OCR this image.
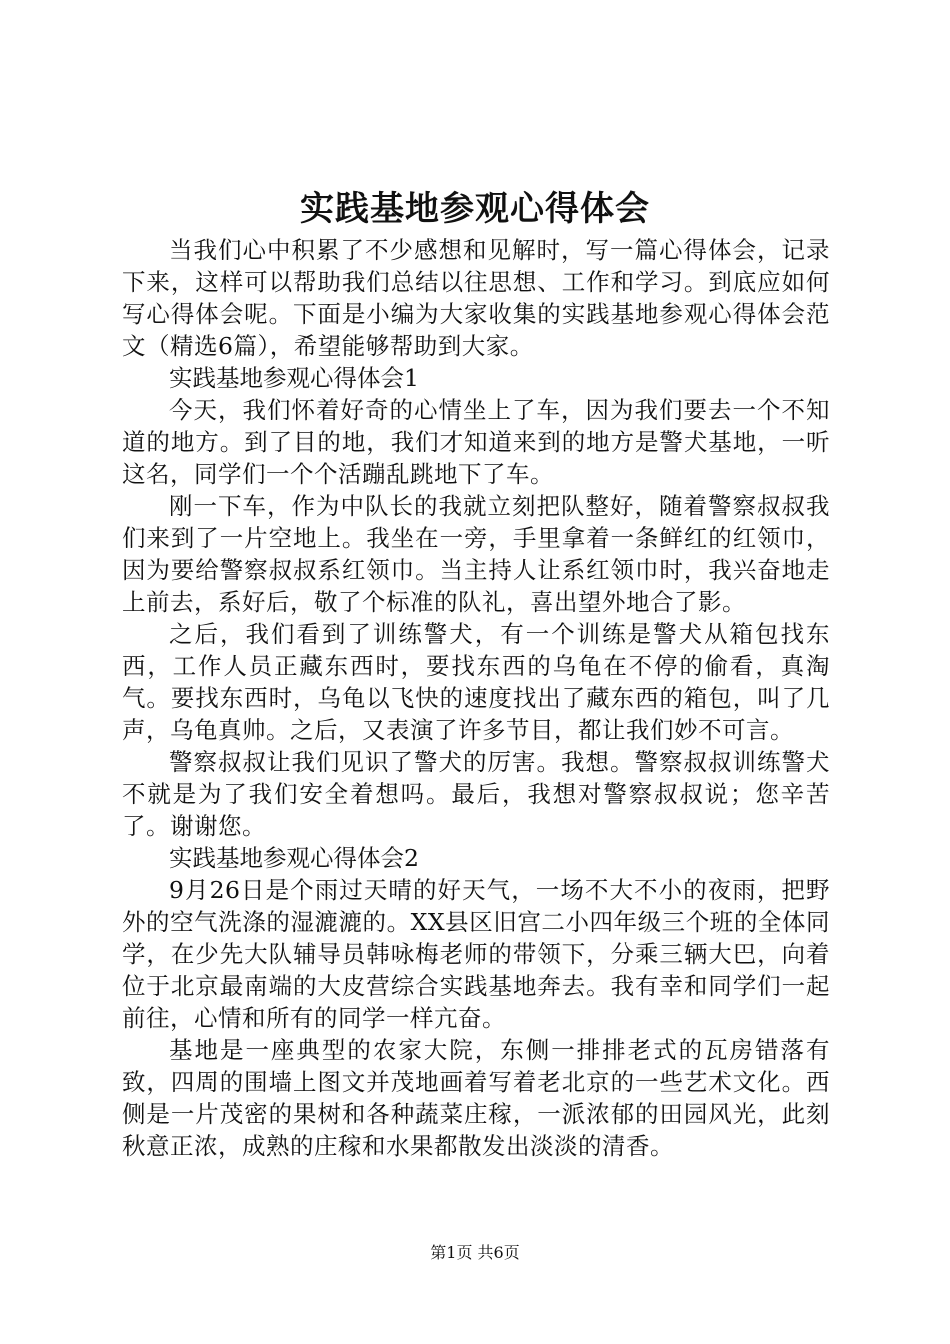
实践基地参观心得体会

当我们心中积累了不少感想和见解时，写一篇心得体会，记录下来，这样可以帮助我们总结以往思想、工作和学习。到底应如何写心得体会呢。下面是小编为大家收集的实践基地参观心得体会范文（精选6篇），希望能够帮助到大家。

实践基地参观心得体会1

今天，我们怀着好奇的心情坐上了车，因为我们要去一个不知道的地方。到了目的地，我们才知道来到的地方是警犬基地，一听这名，同学们一个个活蹦乱跳地下了车。

刚一下车，作为中队长的我就立刻把队整好，随着警察叔叔我们来到了一片空地上。我坐在一旁，手里拿着一条鲜红的红领巾，因为要给警察叔叔系红领巾。当主持人让系红领巾时，我兴奋地走上前去，系好后，敬了个标准的队礼，喜出望外地合了影。

之后，我们看到了训练警犬，有一个训练是警犬从箱包找东西，工作人员正藏东西时，要找东西的乌龟在不停的偷看，真淘气。要找东西时，乌龟以飞快的速度找出了藏东西的箱包，叫了几声，乌龟真帅。之后，又表演了许多节目，都让我们妙不可言。

警察叔叔让我们见识了警犬的厉害。我想。警察叔叔训练警犬不就是为了我们安全着想吗。最后，我想对警察叔叔说；您辛苦了。谢谢您。

实践基地参观心得体会2

9月26日是个雨过天晴的好天气，一场不大不小的夜雨，把野外的空气洗涤的湿漉漉的。XX县区旧宫二小四年级三个班的全体同学，在少先大队辅导员韩咏梅老师的带领下，分乘三辆大巴，向着位于北京最南端的大皮营综合实践基地奔去。我有幸和同学们一起前往，心情和所有的同学一样亢奋。

基地是一座典型的农家大院，东侧一排排老式的瓦房错落有致，四周的围墙上图文并茂地画着写着老北京的一些艺术文化。西侧是一片茂密的果树和各种蔬菜庄稼，一派浓郁的田园风光，此刻秋意正浓，成熟的庄稼和水果都散发出淡淡的清香。

第1页 共6页
